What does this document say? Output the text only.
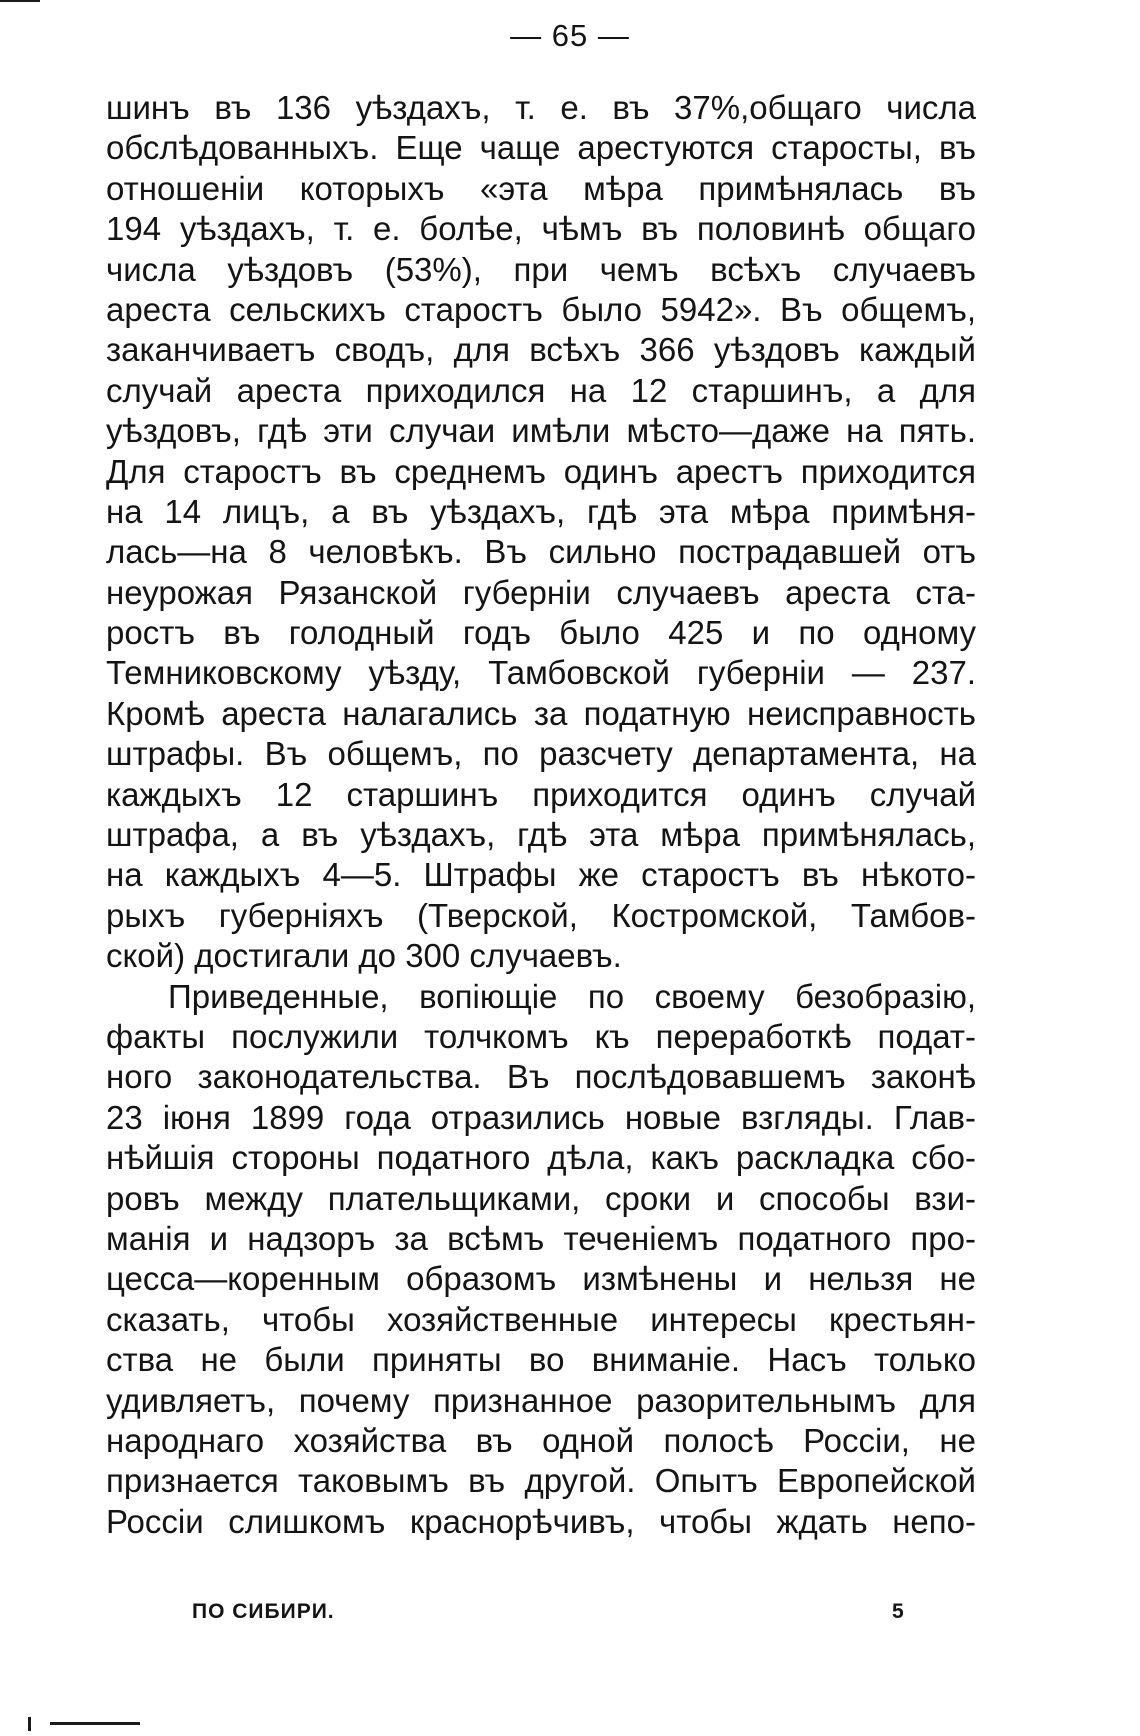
— 65 —
шинъ въ 136 уѣздахъ, т. е. въ 37%,общаго числа
обслѣдованныхъ. Еще чаще арестуются старосты, въ
отношеніи которыхъ «эта мѣра примѣнялась въ
194 уѣздахъ, т. е. болѣе, чѣмъ въ половинѣ общаго
числа уѣздовъ (53%), при чемъ всѣхъ случаевъ
ареста сельскихъ старостъ было 5942». Въ общемъ,
заканчиваетъ сводъ, для всѣхъ 366 уѣздовъ каждый
случай ареста приходился на 12 старшинъ, а для
уѣздовъ, гдѣ эти случаи имѣли мѣсто—даже на пять.
Для старостъ въ среднемъ одинъ арестъ приходится
на 14 лицъ, а въ уѣздахъ, гдѣ эта мѣра примѣня-
лась—на 8 человѣкъ. Въ сильно пострадавшей отъ
неурожая Рязанской губерніи случаевъ ареста ста-
ростъ въ голодный годъ было 425 и по одному
Темниковскому уѣзду, Тамбовской губерніи — 237.
Кромѣ ареста налагались за податную неисправность
штрафы. Въ общемъ, по разсчету департамента, на
каждыхъ 12 старшинъ приходится одинъ случай
штрафа, а въ уѣздахъ, гдѣ эта мѣра примѣнялась,
на каждыхъ 4—5. Штрафы же старостъ въ нѣкото-
рыхъ губерніяхъ (Тверской, Костромской, Тамбов-
ской) достигали до 300 случаевъ.
Приведенные, вопіющіе по своему безобразію,
факты послужили толчкомъ къ переработкѣ подат-
ного законодательства. Въ послѣдовавшемъ законѣ
23 іюня 1899 года отразились новые взгляды. Глав-
нѣйшія стороны податного дѣла, какъ раскладка сбо-
ровъ между плательщиками, сроки и способы взи-
манія и надзоръ за всѣмъ теченіемъ податного про-
цесса—коренным образомъ измѣнены и нельзя не
сказать, чтобы хозяйственные интересы крестьян-
ства не были приняты во вниманіе. Насъ только
удивляетъ, почему признанное разорительнымъ для
народнаго хозяйства въ одной полосѣ Россіи, не
признается таковымъ въ другой. Опытъ Европейской
Россіи слишкомъ краснорѣчивъ, чтобы ждать непо-
ПО СИБИРИ.	5
